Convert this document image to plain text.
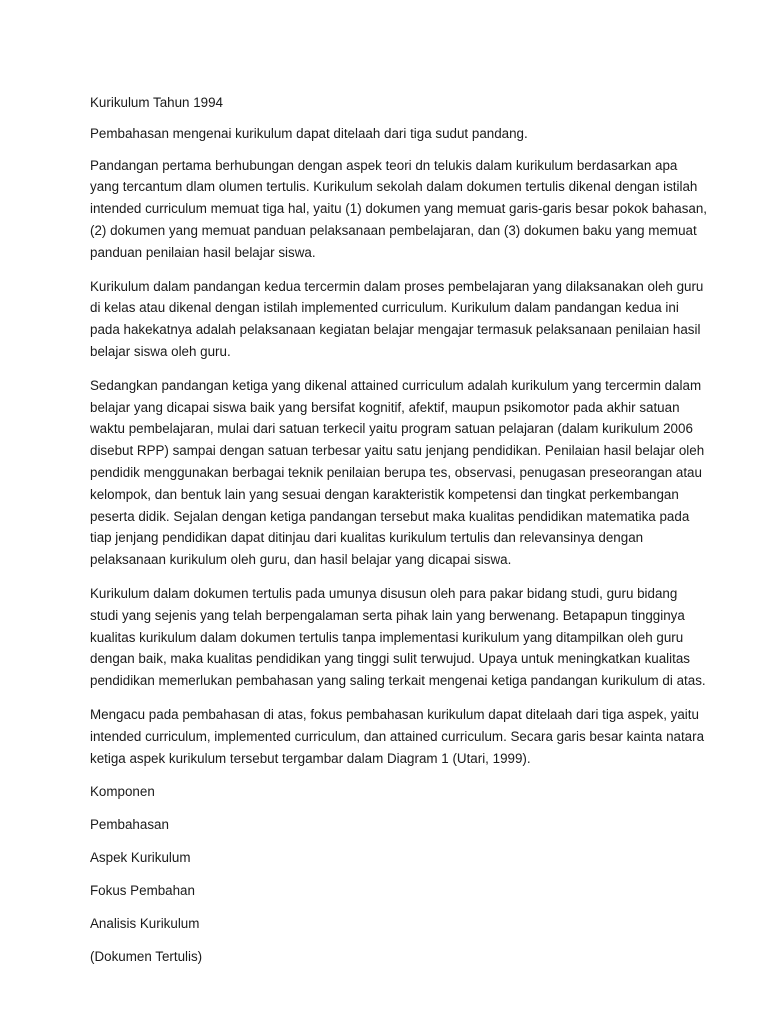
Kurikulum Tahun 1994

Pembahasan mengenai kurikulum dapat ditelaah dari tiga sudut pandang.

Pandangan pertama berhubungan dengan aspek teori dn telukis dalam kurikulum berdasarkan apa yang tercantum dlam olumen tertulis. Kurikulum sekolah dalam dokumen tertulis dikenal dengan istilah intended curriculum memuat tiga hal, yaitu (1) dokumen yang memuat garis-garis besar pokok bahasan, (2) dokumen yang memuat panduan pelaksanaan pembelajaran, dan (3) dokumen baku yang memuat panduan penilaian hasil belajar siswa.

Kurikulum dalam pandangan kedua tercermin dalam proses pembelajaran yang dilaksanakan oleh guru di kelas atau dikenal dengan istilah implemented curriculum. Kurikulum dalam pandangan kedua ini pada hakekatnya adalah pelaksanaan kegiatan belajar mengajar termasuk pelaksanaan penilaian hasil belajar siswa oleh guru.

Sedangkan pandangan ketiga yang dikenal attained curriculum adalah kurikulum yang tercermin dalam belajar yang dicapai siswa baik yang bersifat kognitif, afektif, maupun psikomotor pada akhir satuan waktu pembelajaran, mulai dari satuan terkecil yaitu program satuan pelajaran (dalam kurikulum 2006 disebut RPP) sampai dengan satuan terbesar yaitu satu jenjang pendidikan. Penilaian hasil belajar oleh pendidik menggunakan berbagai teknik penilaian berupa tes, observasi, penugasan preseorangan atau kelompok, dan bentuk lain yang sesuai dengan karakteristik kompetensi dan tingkat perkembangan peserta didik. Sejalan dengan ketiga pandangan tersebut maka kualitas pendidikan matematika pada tiap jenjang pendidikan dapat ditinjau dari kualitas kurikulum tertulis dan relevansinya dengan pelaksanaan kurikulum oleh guru, dan hasil belajar yang dicapai siswa.

Kurikulum dalam dokumen tertulis pada umunya disusun oleh para pakar bidang studi, guru bidang studi yang sejenis yang telah berpengalaman serta pihak lain yang berwenang. Betapapun tingginya kualitas kurikulum dalam dokumen tertulis tanpa implementasi kurikulum yang ditampilkan oleh guru dengan baik, maka kualitas pendidikan yang tinggi sulit terwujud. Upaya untuk meningkatkan kualitas pendidikan memerlukan pembahasan yang saling terkait mengenai ketiga pandangan kurikulum di atas.

Mengacu pada pembahasan di atas, fokus pembahasan kurikulum dapat ditelaah dari tiga aspek, yaitu intended curriculum, implemented curriculum, dan attained curriculum. Secara garis besar kainta natara ketiga aspek kurikulum tersebut tergambar dalam Diagram 1 (Utari, 1999).

Komponen

Pembahasan

Aspek Kurikulum

Fokus Pembahan

Analisis Kurikulum

(Dokumen Tertulis)
